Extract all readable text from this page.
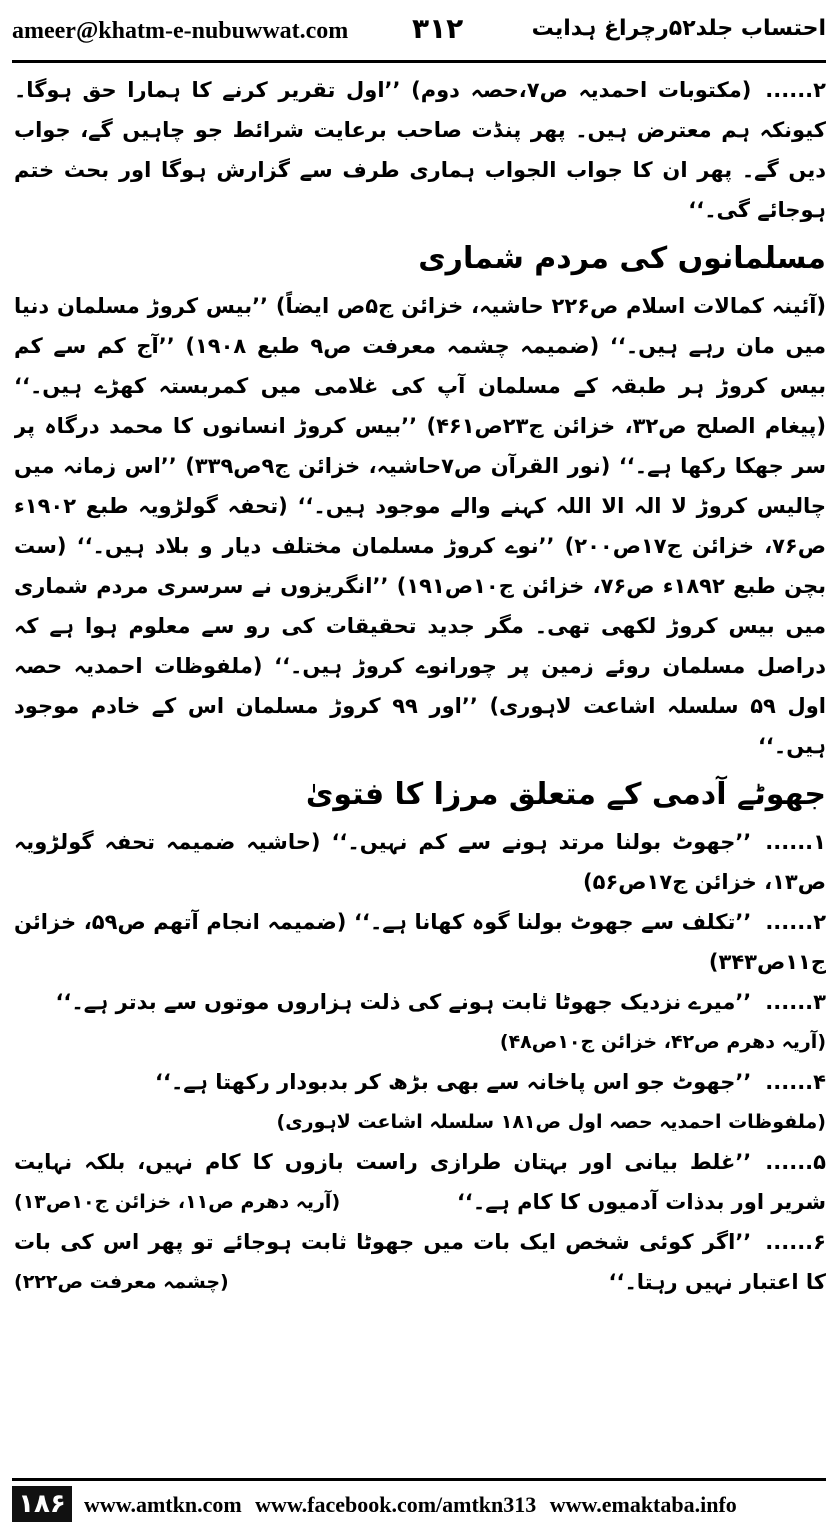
ameer@khatm-e-nubuwwat.com ۳۱۲	احتساب جلد۵۲رچراغ ہدایت

۲......(مکتوبات احمدیہ ص۷،حصہ دوم) ’’اول تقریر کرنے کا ہمارا حق ہوگا۔ کیونکہ ہم معترض ہیں۔ پھر پنڈت صاحب برعایت شرائط جو چاہیں گے، جواب دیں گے۔ پھر ان کا جواب الجواب ہماری طرف سے گزارش ہوگا اور بحث ختم ہوجائے گی۔‘‘

مسلمانوں کی مردم شماری

(آئینہ کمالات اسلام ص۲۲۶ حاشیہ، خزائن ج۵ص ایضاً) ’’بیس کروڑ مسلمان دنیا میں مان رہے ہیں۔‘‘ (ضمیمہ چشمہ معرفت ص۹ طبع ۱۹۰۸) ’’آج کم سے کم بیس کروڑ ہر طبقہ کے مسلمان آپ کی غلامی میں کمربستہ کھڑے ہیں۔‘‘ (پیغام الصلح ص۳۲، خزائن ج۲۳ص۴۶۱) ’’بیس کروڑ انسانوں کا محمد درگاہ پر سر جھکا رکھا ہے۔‘‘ (نور القرآن ص۷حاشیہ، خزائن ج۹ص۳۳۹) ’’اس زمانہ میں چالیس کروڑ لا الہ الا اللہ کہنے والے موجود ہیں۔‘‘ (تحفہ گولڑویہ طبع ۱۹۰۲ء ص۷۶، خزائن ج۱۷ص۲۰۰) ’’نوے کروڑ مسلمان مختلف دیار و بلاد ہیں۔‘‘ (ست بچن طبع ۱۸۹۲ء ص۷۶، خزائن ج۱۰ص۱۹۱) ’’انگریزوں نے سرسری مردم شماری میں بیس کروڑ لکھی تھی۔ مگر جدید تحقیقات کی رو سے معلوم ہوا ہے کہ دراصل مسلمان روئے زمین پر چورانوے کروڑ ہیں۔‘‘ (ملفوظات احمدیہ حصہ اول ۵۹ سلسلہ اشاعت لاہوری) ’’اور ۹۹ کروڑ مسلمان اس کے خادم موجود ہیں۔‘‘

جھوٹے آدمی کے متعلق مرزا کا فتویٰ

۱......’’جھوٹ بولنا مرتد ہونے سے کم نہیں۔‘‘ (حاشیہ ضمیمہ تحفہ گولڑویہ ص۱۳، خزائن ج۱۷ص۵۶)

۲......’’تکلف سے جھوٹ بولنا گوہ کھانا ہے۔‘‘ (ضمیمہ انجام آتھم ص۵۹، خزائن ج۱۱ص۳۴۳)

۳......’’میرے نزدیک جھوٹا ثابت ہونے کی ذلت ہزاروں موتوں سے بدتر ہے۔‘‘

(آریہ دھرم ص۴۲، خزائن ج۱۰ص۴۸)

۴......’’جھوٹ جو اس پاخانہ سے بھی بڑھ کر بدبودار رکھتا ہے۔‘‘

(ملفوظات احمدیہ حصہ اول ص۱۸۱ سلسلہ اشاعت لاہوری)

۵......’’غلط بیانی اور بہتان طرازی راست بازوں کا کام نہیں، بلکہ نہایت شریر اور بدذات آدمیوں کا کام ہے۔‘‘
(آریہ دھرم ص۱۱، خزائن ج۱۰ص۱۳)

۶......’’اگر کوئی شخص ایک بات میں جھوٹا ثابت ہوجائے تو پھر اس کی بات کا اعتبار نہیں رہتا۔‘‘
(چشمہ معرفت ص۲۲۲)

۱۸۶ www.amtkn.com www.facebook.com/amtkn313 www.emaktaba.info
